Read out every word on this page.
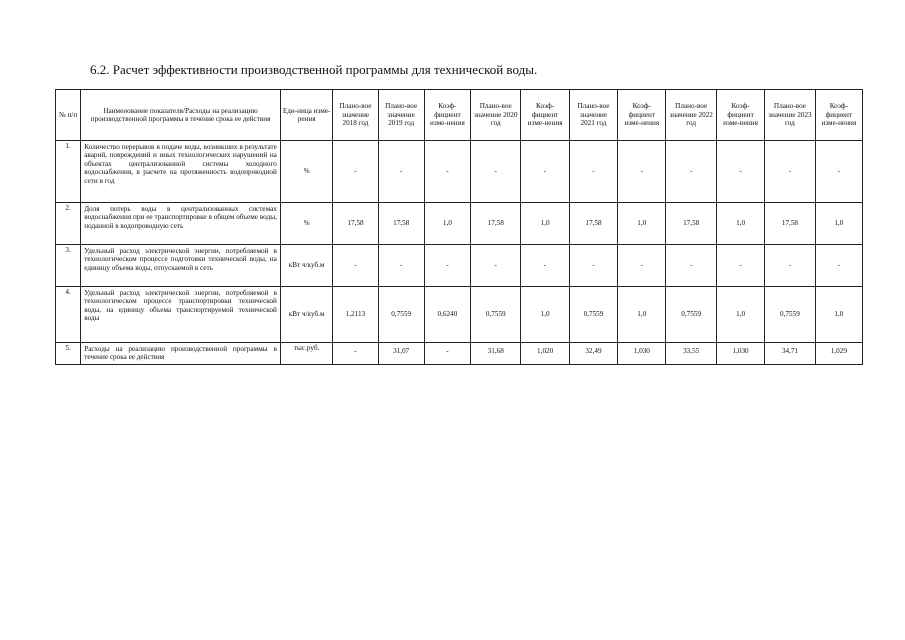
6.2. Расчет эффективности производственной программы для технической воды.
№ п/п	Наименование показателя/Расходы на реализацию производственной программы в течение срока ее действия	Еди-ница изме-рения	Плано-вое значение 2018 год	Плано-вое значение 2019 год	Коэф-фициент изме-нения	Плано-вое значение 2020 год	Коэф-фициент изме-нения	Плано-вое значение 2021 год	Коэф-фициент изме-нения	Плано-вое значение 2022 год	Коэф-фициент изме-нения	Плано-вое значение 2023 год	Коэф-фициент изме-нения
1.	Количество перерывов в подаче воды, возникших в результате аварий, повреждений и иных технологических нарушений на объектах централизованной системы холодного водоснабжения, в расчете на протяженность водопроводной сети в год	%	-	-	-	-	-	-	-	-	-	-	-
2.	Доля потерь воды в централизованных системах водоснабжения при ее транспортировке в общем объеме воды, поданной в водопроводную сеть	%	17,58	17,58	1,0	17,58	1,0	17,58	1,0	17,58	1,0	17,58	1,0
3.	Удельный расход электрической энергии, потребляемой в технологическом процессе подготовки технической воды, на единицу объема воды, отпускаемой в сеть	кВт ч/куб.м	-	-	-	-	-	-	-	-	-	-	-
4.	Удельный расход электрической энергии, потребляемой в технологическом процессе транспортировки технической воды, на единицу объема транспортируемой технической воды	кВт ч/куб.м	1,2113	0,7559	0,6240	0,7559	1,0	0,7559	1,0	0,7559	1,0	0,7559	1,0
5.	Расходы на реализацию производственной программы в течение срока ее действия	тыс.руб.	-	31,07	-	31,68	1,020	32,49	1,030	33,55	1,030	34,71	1,029
